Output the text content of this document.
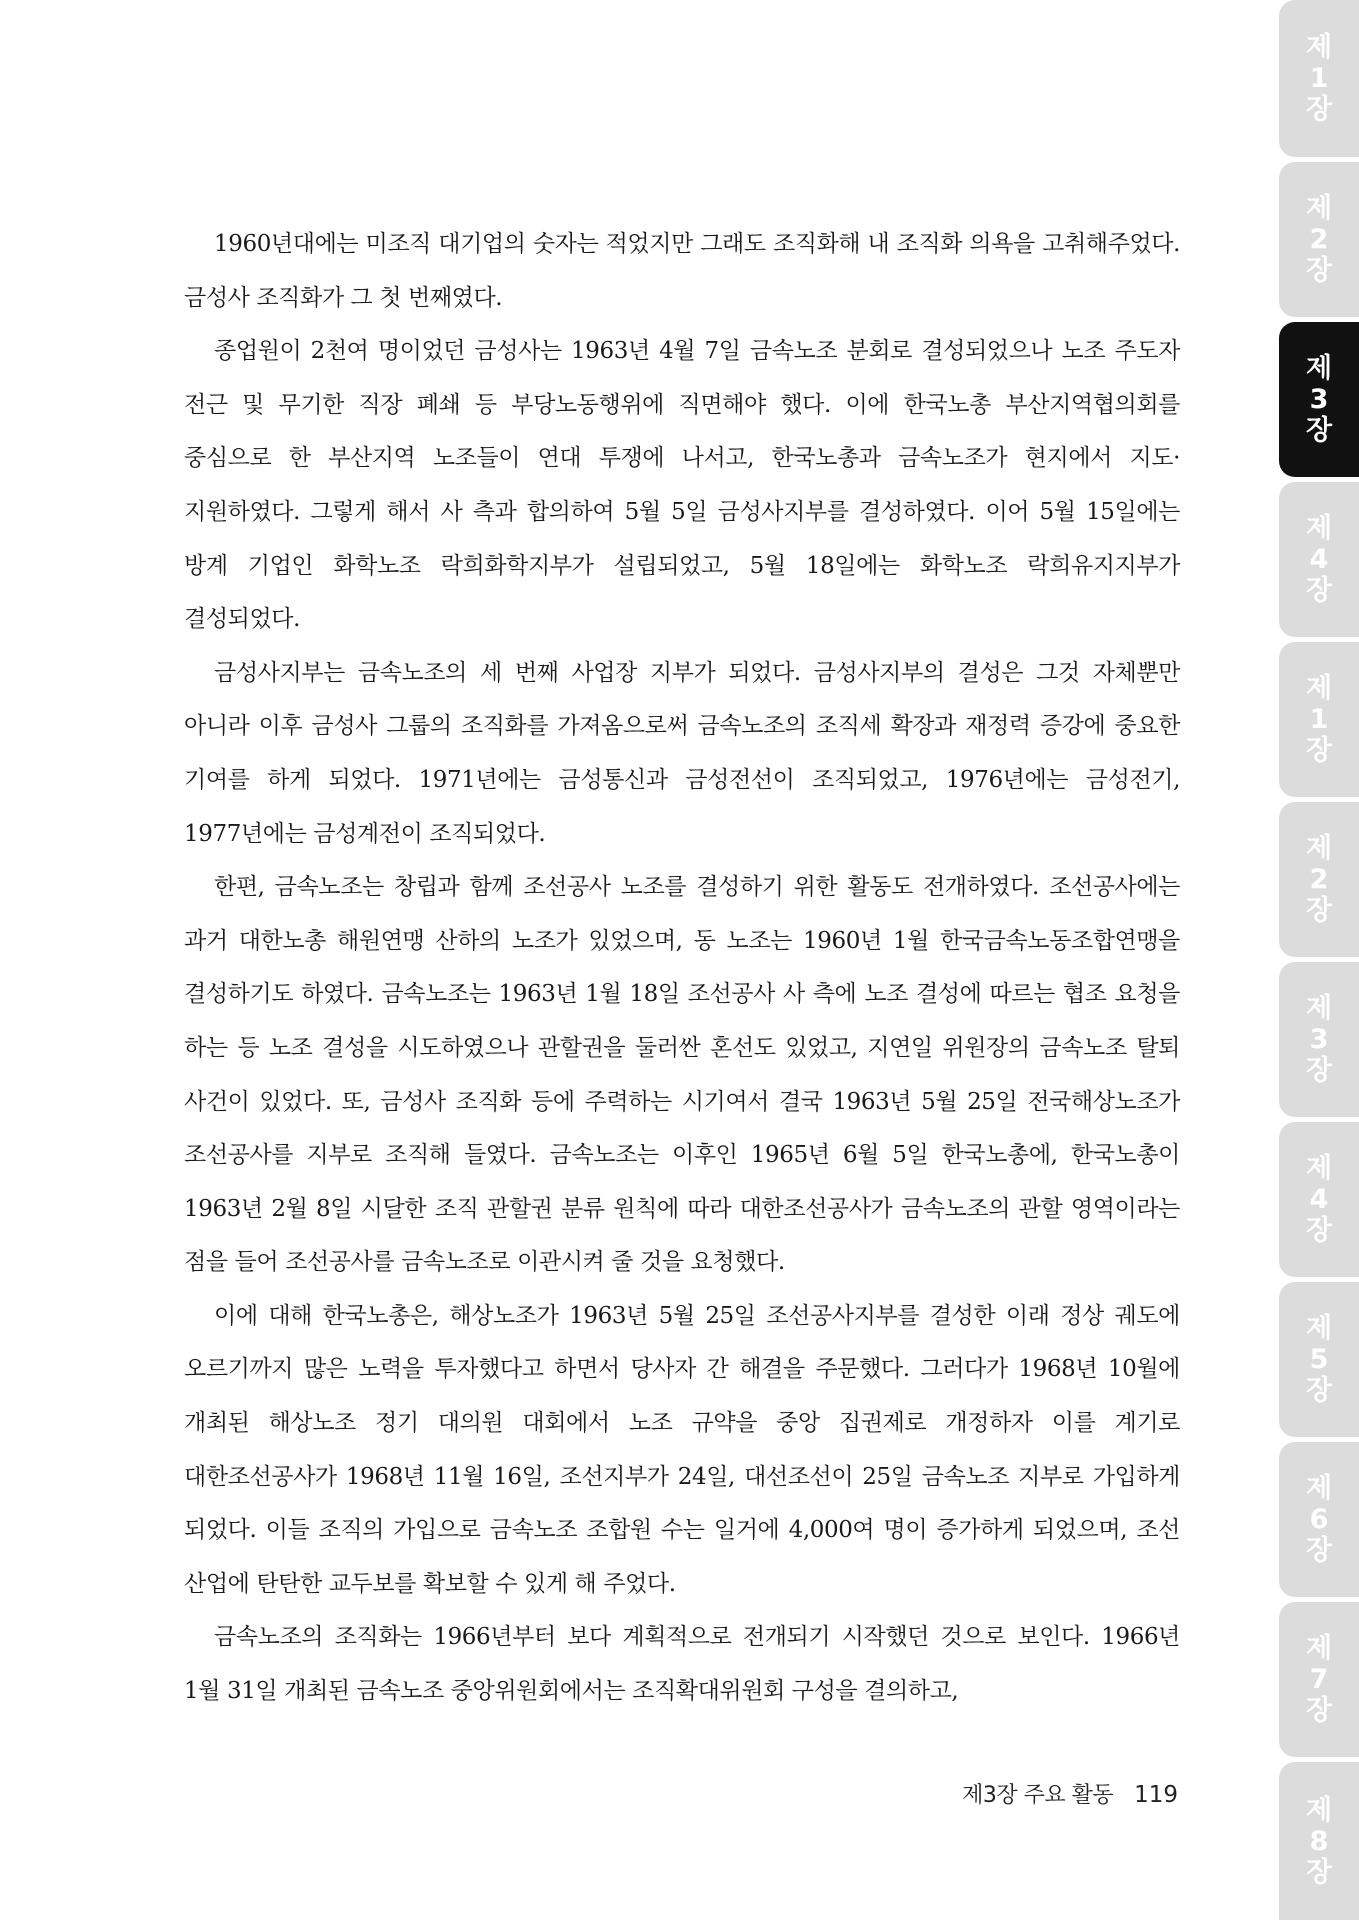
1960년대에는 미조직 대기업의 숫자는 적었지만 그래도 조직화해 내 조직화 의욕을 고취해주었다. 금성사 조직화가 그 첫 번째였다.

종업원이 2천여 명이었던 금성사는 1963년 4월 7일 금속노조 분회로 결성되었으나 노조 주도자 전근 및 무기한 직장 폐쇄 등 부당노동행위에 직면해야 했다. 이에 한국노총 부산지역협의회를 중심으로 한 부산지역 노조들이 연대 투쟁에 나서고, 한국노총과 금속노조가 현지에서 지도·지원하였다. 그렇게 해서 사 측과 합의하여 5월 5일 금성사지부를 결성하였다. 이어 5월 15일에는 방계 기업인 화학노조 락희화학지부가 설립되었고, 5월 18일에는 화학노조 락희유지지부가 결성되었다.

금성사지부는 금속노조의 세 번째 사업장 지부가 되었다. 금성사지부의 결성은 그것 자체뿐만 아니라 이후 금성사 그룹의 조직화를 가져옴으로써 금속노조의 조직세 확장과 재정력 증강에 중요한 기여를 하게 되었다. 1971년에는 금성통신과 금성전선이 조직되었고, 1976년에는 금성전기, 1977년에는 금성계전이 조직되었다.

한편, 금속노조는 창립과 함께 조선공사 노조를 결성하기 위한 활동도 전개하였다. 조선공사에는 과거 대한노총 해원연맹 산하의 노조가 있었으며, 동 노조는 1960년 1월 한국금속노동조합연맹을 결성하기도 하였다. 금속노조는 1963년 1월 18일 조선공사 사 측에 노조 결성에 따르는 협조 요청을 하는 등 노조 결성을 시도하였으나 관할권을 둘러싼 혼선도 있었고, 지연일 위원장의 금속노조 탈퇴 사건이 있었다. 또, 금성사 조직화 등에 주력하는 시기여서 결국 1963년 5월 25일 전국해상노조가 조선공사를 지부로 조직해 들였다. 금속노조는 이후인 1965년 6월 5일 한국노총에, 한국노총이 1963년 2월 8일 시달한 조직 관할권 분류 원칙에 따라 대한조선공사가 금속노조의 관할 영역이라는 점을 들어 조선공사를 금속노조로 이관시켜 줄 것을 요청했다.

이에 대해 한국노총은, 해상노조가 1963년 5월 25일 조선공사지부를 결성한 이래 정상 궤도에 오르기까지 많은 노력을 투자했다고 하면서 당사자 간 해결을 주문했다. 그러다가 1968년 10월에 개최된 해상노조 정기 대의원 대회에서 노조 규약을 중앙 집권제로 개정하자 이를 계기로 대한조선공사가 1968년 11월 16일, 조선지부가 24일, 대선조선이 25일 금속노조 지부로 가입하게 되었다. 이들 조직의 가입으로 금속노조 조합원 수는 일거에 4,000여 명이 증가하게 되었으며, 조선 산업에 탄탄한 교두보를 확보할 수 있게 해 주었다.

금속노조의 조직화는 1966년부터 보다 계획적으로 전개되기 시작했던 것으로 보인다. 1966년 1월 31일 개최된 금속노조 중앙위원회에서는 조직확대위원회 구성을 결의하고,

제3장 주요 활동 119
제
1
장
제
2
장
제
3
장
제
4
장
제
1
장
제
2
장
제
3
장
제
4
장
제
5
장
제
6
장
제
7
장
제
8
장
